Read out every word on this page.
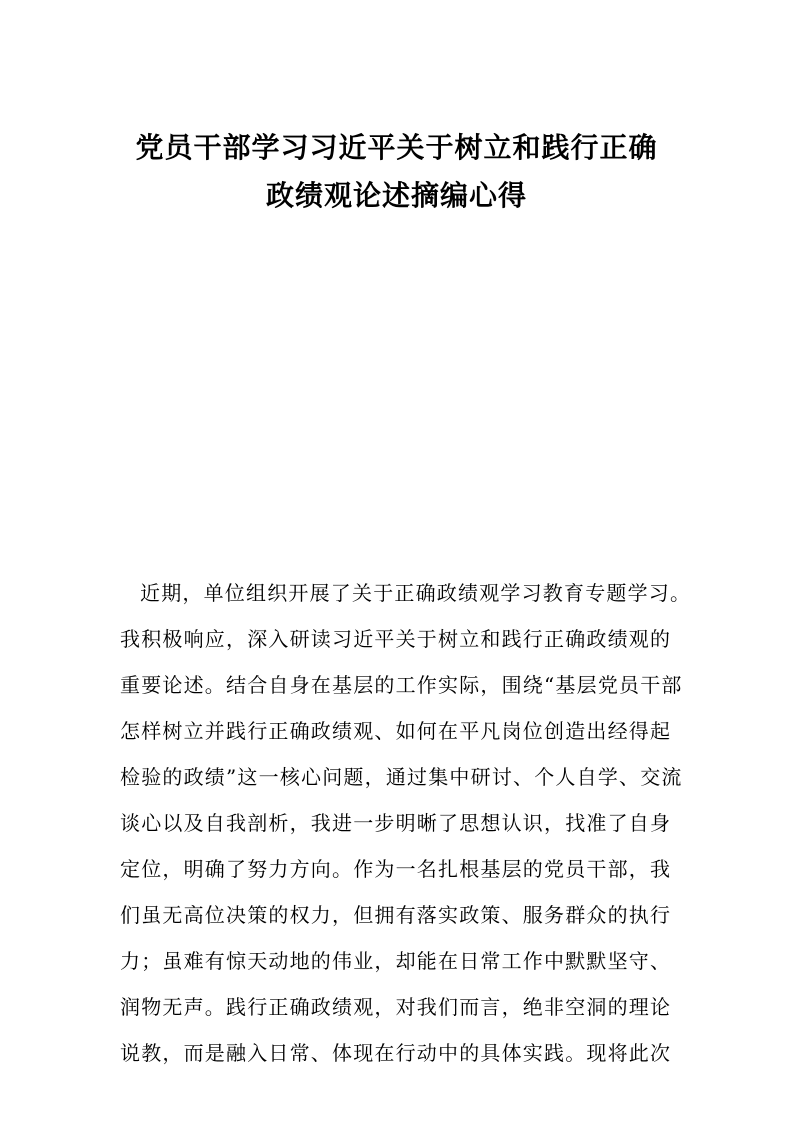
党员干部学习习近平关于树立和践行正确
政绩观论述摘编心得
近期，单位组织开展了关于正确政绩观学习教育专题学习。
我积极响应，深入研读习近平关于树立和践行正确政绩观的
重要论述。结合自身在基层的工作实际，围绕“基层党员干部
怎样树立并践行正确政绩观、如何在平凡岗位创造出经得起
检验的政绩”这一核心问题，通过集中研讨、个人自学、交流
谈心以及自我剖析，我进一步明晰了思想认识，找准了自身
定位，明确了努力方向。作为一名扎根基层的党员干部，我
们虽无高位决策的权力，但拥有落实政策、服务群众的执行
力；虽难有惊天动地的伟业，却能在日常工作中默默坚守、
润物无声。践行正确政绩观，对我们而言，绝非空洞的理论
说教，而是融入日常、体现在行动中的具体实践。现将此次
